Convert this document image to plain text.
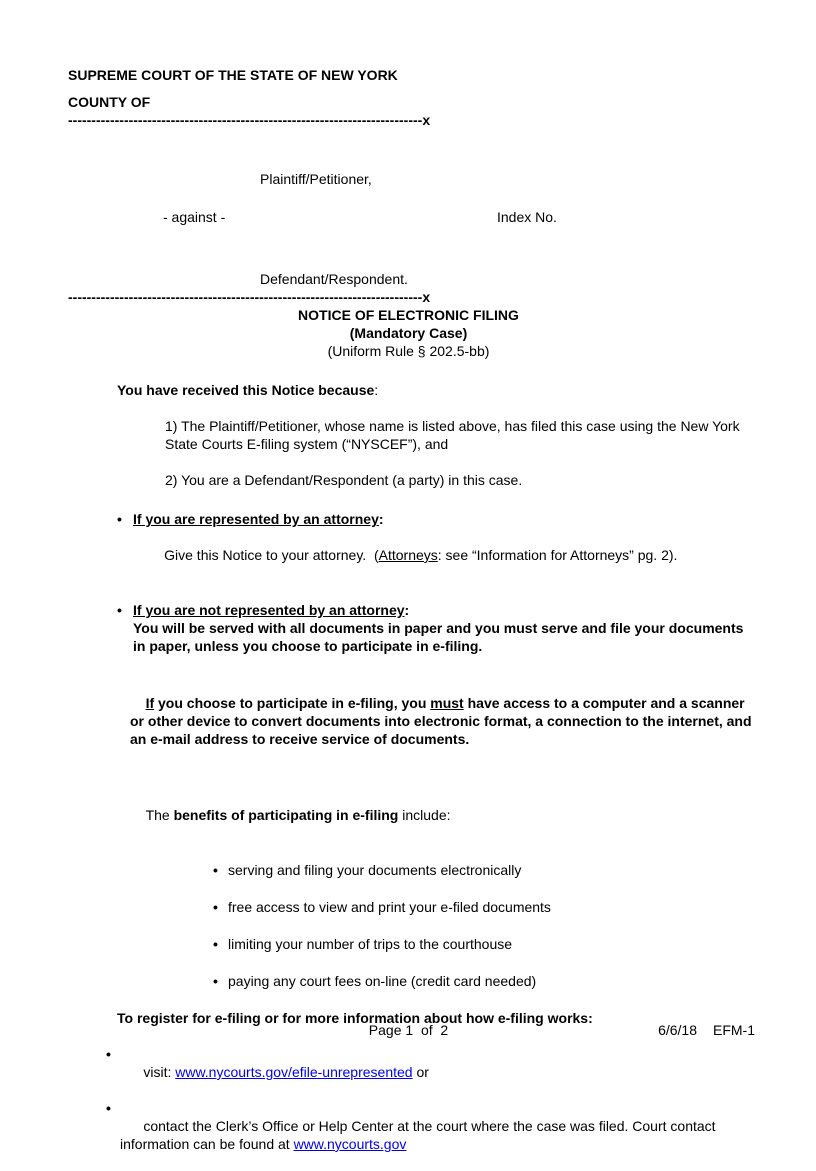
SUPREME COURT OF THE STATE OF NEW YORK
COUNTY OF
----------------------------------------------------------------------------x
Plaintiff/Petitioner,
- against -	Index No.
Defendant/Respondent.
----------------------------------------------------------------------------x
NOTICE OF ELECTRONIC FILING
(Mandatory Case)
(Uniform Rule § 202.5-bb)
You have received this Notice because:
1) The Plaintiff/Petitioner, whose name is listed above, has filed this case using the New York State Courts E-filing system (“NYSCEF”), and
2) You are a Defendant/Respondent (a party) in this case.
• If you are represented by an attorney:

Give this Notice to your attorney.  (Attorneys: see “Information for Attorneys” pg. 2).

• If you are not represented by an attorney:
You will be served with all documents in paper and you must serve and file your documents in paper, unless you choose to participate in e-filing.

If you choose to participate in e-filing, you must have access to a computer and a scanner or other device to convert documents into electronic format, a connection to the internet, and an e-mail address to receive service of documents.

The benefits of participating in e-filing include:

• serving and filing your documents electronically
• free access to view and print your e-filed documents
• limiting your number of trips to the courthouse
• paying any court fees on-line (credit card needed)
To register for e-filing or for more information about how e-filing works:
•

visit: www.nycourts.gov/efile-unrepresented or

•

contact the Clerk’s Office or Help Center at the court where the case was filed. Court contact information can be found at www.nycourts.gov

Page 1  of  2	6/6/18 EFM-1
